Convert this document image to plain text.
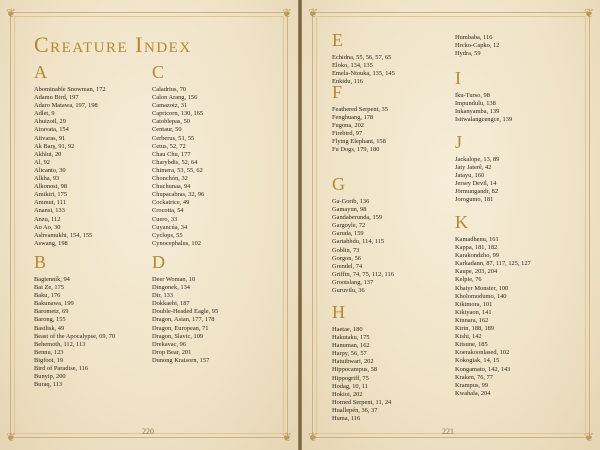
❦	❦
❦	❦
Creature Index
A
Abominable Snowman, 172
Adamu Bird, 197
Adaro Matawa, 197, 198
Adlet, 9
Ahuizotl, 29
Airavata, 154
Aitvaras, 91
Ak Barş, 91, 92
Akhlut, 20
Al, 92
Alicanto, 30
Alkha, 93
Alkonost, 98
Amikiri, 175
Ammut, 111
Anansi, 133
Anzu, 112
Ao Ao, 30
Ashvamukhi, 154, 155
Aswang, 198
B
Bagienník, 94
Bai Ze, 175
Baku, 176
Bakunawa, 199
Barometz, 69
Barong, 155
Basilisk, 49
Beast of the Apocalypse, 69, 70
Behemoth, 112, 113
Bennu, 123
Bigfoot, 19
Bird of Paradise, 116
Bunyip, 200
Buraq, 113
C
Caladrius, 70
Calon Arang, 156
Camazotz, 31
Capricorn, 130, 165
Catoblepas, 50
Centaur, 50
Cerberus, 51, 55
Cetus, 52, 72
Chau Chu, 177
Charybdis, 52, 64
Chimera, 53, 55, 62
Chonchón, 32
Chuchunaa, 94
Chupacabras, 32, 96
Cockatrice, 49
Crocotta, 54
Cuero, 33
Cuyancúa, 34
Cyclops, 55
Cynocephalus, 102
D
Deer Woman, 10
Dingonek, 134
Dir, 133
Dokkaebi, 187
Double-Headed Eagle, 95
Dragon, Asian, 177, 178
Dragon, European, 71
Dragon, Slavic, 109
Drekavac, 96
Drop Bear, 201
Dunong Kraisorn, 157
220
❦	❦
❦	❦
E
Echidna, 55, 56, 57, 65
Eloko, 134, 135
Emela-Ntouka, 135, 145
Enkidu, 116
F
Feathered Serpent, 35
Fenghuang, 178
Fugona, 202
Firebird, 97
Flying Elephant, 158
Fu Dogs, 179, 180
G
Ga-Gorib, 136
Gamayun, 98
Gandaberunda, 159
Gargoyle, 72
Garuda, 159
Gartabhdu, 114, 115
Goblin, 73
Gorgon, 56
Grendel, 74
Griffin, 74, 75, 112, 116
Grootslang, 137
Guruvilu, 36
H
Haetae, 180
Hakutaku, 175
Hanuman, 162
Harpy, 56, 57
Hatuibwari, 202
Hippocampus, 58
Hippogriff, 75
Hodag, 10, 11
Hokioi, 202
Horned Serpent, 11, 24
Huallepén, 36, 37
Huma, 116
Humbaba, 116
Hrcko-Capko, 12
Hydra, 59
I
Iku-Turso, 98
Impundulu, 138
Inkanyamba, 139
Isitwalangcengce, 139
J
Jackalope, 13, 89
Jaty Jaterê, 42
Jatayu, 160
Jersey Devil, 14
Jörmungandr, 82
Jorogumo, 181
K
Kamadhenu, 161
Kappa, 181, 182
Karakondzho, 99
Karkadann, 87, 117, 125, 127
Kaupe, 203, 204
Kelpie, 76
Khaiyr Monster, 100
Kholomodumo, 140
Kikimora, 101
Kikiyaon, 141
Kinnara, 162
Kirin, 188, 189
Kishi, 142
Kitsune, 185
Koerakoonlased, 102
Kokogiak, 14, 15
Kongamato, 142, 143
Kraken, 76, 77
Krampus, 99
Kwahala, 204
221
